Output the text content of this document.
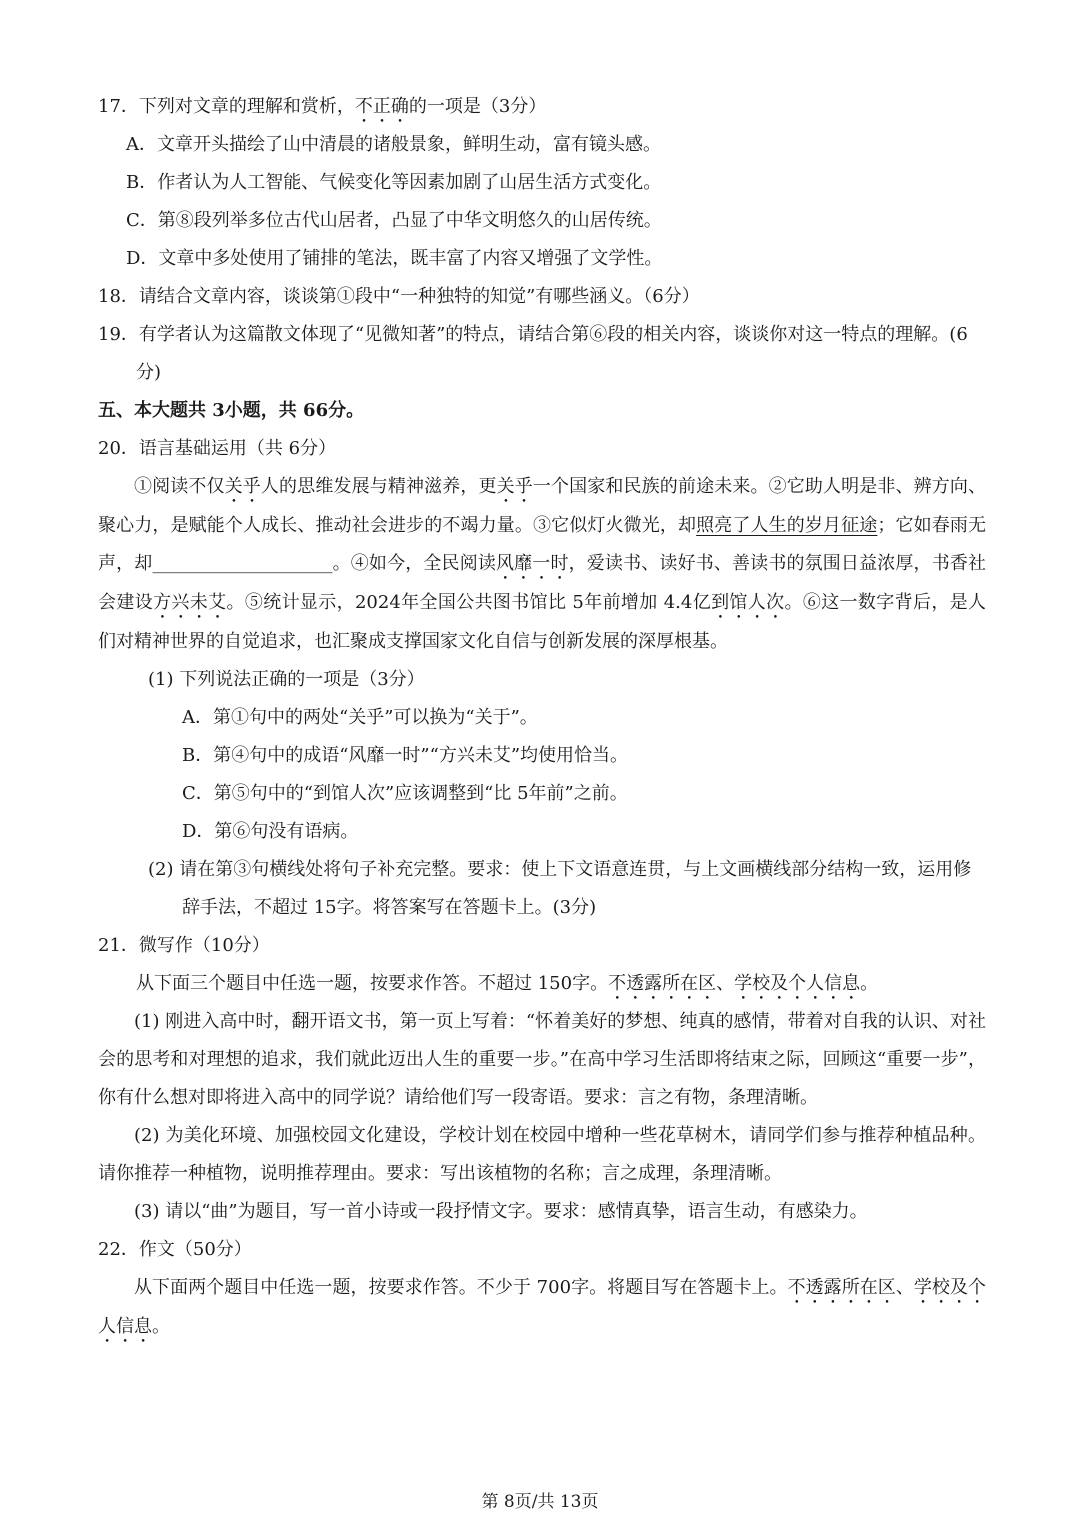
17．下列对文章的理解和赏析，不正确的一项是（3分）
A．文章开头描绘了山中清晨的诸般景象，鲜明生动，富有镜头感。
B．作者认为人工智能、气候变化等因素加剧了山居生活方式变化。
C．第⑧段列举多位古代山居者，凸显了中华文明悠久的山居传统。
D．文章中多处使用了铺排的笔法，既丰富了内容又增强了文学性。
18．请结合文章内容，谈谈第①段中“一种独特的知觉”有哪些涵义。（6分）
19．有学者认为这篇散文体现了“见微知著”的特点，请结合第⑥段的相关内容，谈谈你对这一特点的理解。(6分)
五、本大题共 3小题，共 66分。
20．语言基础运用（共 6分）
①阅读不仅关乎人的思维发展与精神滋养，更关乎一个国家和民族的前途未来。②它助人明是非、辨方向、聚心力，是赋能个人成长、推动社会进步的不竭力量。③它似灯火微光，却照亮了人生的岁月征途；它如春雨无声，却____________________。④如今，全民阅读风靡一时，爱读书、读好书、善读书的氛围日益浓厚，书香社会建设方兴未艾。⑤统计显示，2024年全国公共图书馆比 5年前增加 4.4亿到馆人次。⑥这一数字背后，是人们对精神世界的自觉追求，也汇聚成支撑国家文化自信与创新发展的深厚根基。
(1) 下列说法正确的一项是（3分）
A．第①句中的两处“关乎”可以换为“关于”。
B．第④句中的成语“风靡一时”“方兴未艾”均使用恰当。
C．第⑤句中的“到馆人次”应该调整到“比 5年前”之前。
D．第⑥句没有语病。
(2) 请在第③句横线处将句子补充完整。要求：使上下文语意连贯，与上文画横线部分结构一致，运用修辞手法，不超过 15字。将答案写在答题卡上。(3分)
21．微写作（10分）
从下面三个题目中任选一题，按要求作答。不超过 150字。不透露所在区、学校及个人信息。
(1) 刚进入高中时，翻开语文书，第一页上写着：“怀着美好的梦想、纯真的感情，带着对自我的认识、对社会的思考和对理想的追求，我们就此迈出人生的重要一步。”在高中学习生活即将结束之际，回顾这“重要一步”，你有什么想对即将进入高中的同学说？请给他们写一段寄语。要求：言之有物，条理清晰。
(2) 为美化环境、加强校园文化建设，学校计划在校园中增种一些花草树木，请同学们参与推荐种植品种。请你推荐一种植物，说明推荐理由。要求：写出该植物的名称；言之成理，条理清晰。
(3) 请以“曲”为题目，写一首小诗或一段抒情文字。要求：感情真挚，语言生动，有感染力。
22．作文（50分）
从下面两个题目中任选一题，按要求作答。不少于 700字。将题目写在答题卡上。不透露所在区、学校及个人信息。
第 8页/共 13页
